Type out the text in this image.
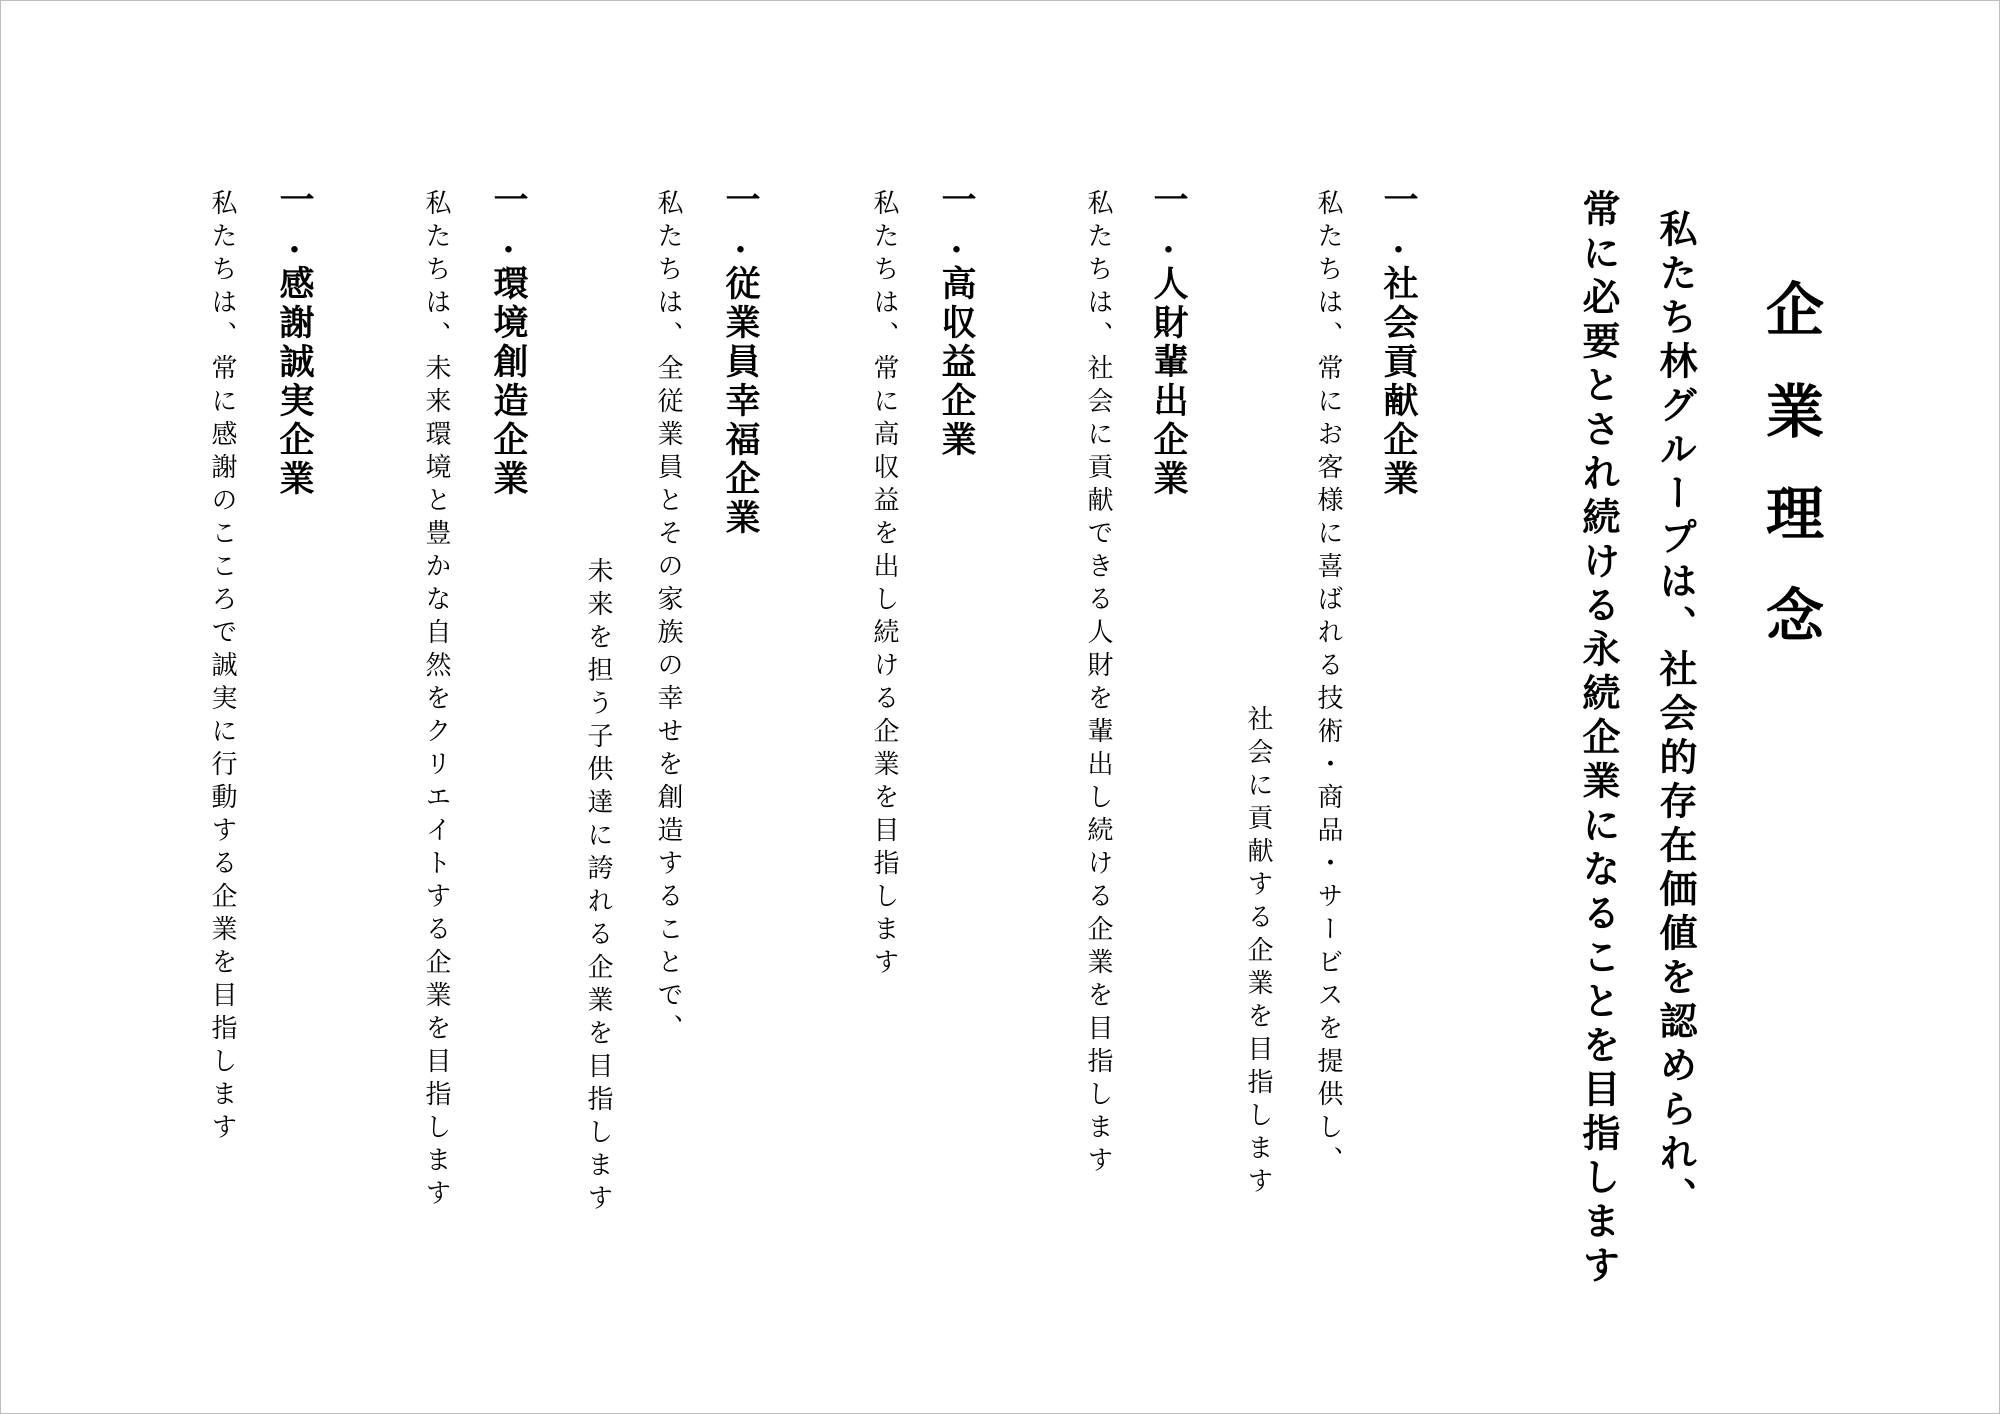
企業理念
私たち林グループは、社会的存在価値を認められ、
常に必要とされ続ける永続企業になることを目指します
一.社会貢献企業
私たちは、常にお客様に喜ばれる技術・商品・サービスを提供し、
社会に貢献する企業を目指します
一.人財輩出企業
私たちは、社会に貢献できる人財を輩出し続ける企業を目指します
一.高収益企業
私たちは、常に高収益を出し続ける企業を目指します
一.従業員幸福企業
私たちは、全従業員とその家族の幸せを創造することで、
未来を担う子供達に誇れる企業を目指します
一.環境創造企業
私たちは、未来環境と豊かな自然をクリエイトする企業を目指します
一.感謝誠実企業
私たちは、常に感謝のこころで誠実に行動する企業を目指します
